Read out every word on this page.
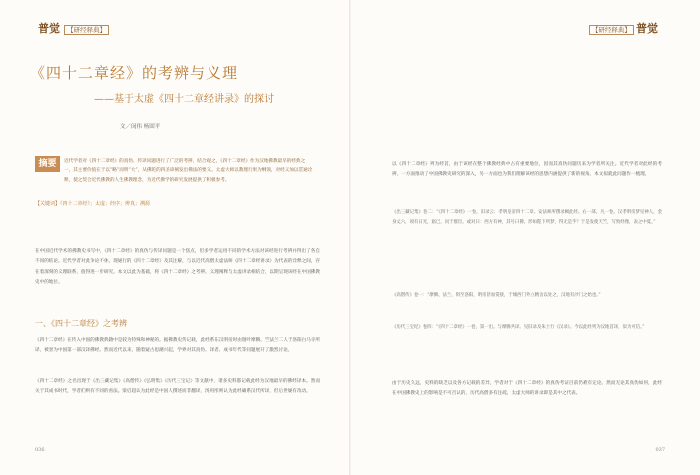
普觉 【研经释典】
《四十二章经》的考辨与义理
——基于太虚《四十二章经讲录》的探讨
文／闵伟 杨固平
摘要	近代学者对《四十二章经》的真伪、传译问题进行了广泛的考辨，结合观之，《四十二章经》作为汉地佛教最早的经典之一，其主要价值在于以“略”而明“大”，从佛陀的四圣谛阐发出佛法的要义。太虚大师以教理行果为纲领，对经义加以贯通诠释，使之契合近代佛教的人生佛教理念，为近代佛学的研究发展提供了积极参考。
【关键词】《四十二章经》；太虚；经序；辨真；溯源
在中国近代学术的佛教史书写中，《四十二章经》的真伪与传译问题是一个焦点，但多学者运用不同的学术方法对该经进行考辨并得出了各自不同的结论。近代学者对此争论不休，现通行的《四十二章经》及其注解，与以近代高僧太虚法师《四十二章经讲录》为代表的诠释之间，存在着深刻的义理联系，值得进一步研究。本文以此为基础，将《四十二章经》之考辨、义理阐释与太虚讲录相结合，以期呈现该经在中国佛教史中的地位。
一、《四十二章经》之考辨
《四十二章经》在传入中国的佛教典籍中是较为特殊和神秘的。据佛教史传记载，此经系东汉明帝时由迦叶摩腾、竺法兰二人于洛阳白马寺所译，被誉为中国第一部汉译佛经。然而近代以来，随着疑古思潮兴起，学界对其真伪、译者、成书年代等问题展开了激烈讨论。
《四十二章经》之名出现于《出三藏记集》《高僧传》《弘明集》《历代三宝记》等文献中，诸多史料都记载此经为汉地最早的佛经译本。然而关于其成书时代，学者们则有不同的看法。梁启超认为此经是中国人撰述而非翻译，汤用彤则认为此经确系汉代所译，但后世屡有改动。
036
【研经释典】 普觉
以《四十二章经》列为经首，由于该经在整个佛教经典中占有重要地位，因而其真伪问题历来为学者所关注。近代学者对此经的考辨，一方面推动了中国佛教史研究的深入，另一方面也为我们理解该经的思想内涵提供了新的视角。本文拟就此问题作一梳理。
《出三藏记集》卷二：“《四十二章经》一卷。旧录云：孝明皇帝四十二章。安法师所撰录阙此经。右一部，凡一卷。汉孝明帝梦见神人，金身丈六，项有日光，寤已，问于群臣。或对曰：西方有神，其号曰佛，形如陛下所梦，得无是乎？于是发使天竺，写致经像，表之中夏。”
《高僧传》卷一：“摩腾、法兰，俱至洛阳，明帝甚加赏接，于城西门外立精舍以处之，汉地有沙门之始也。”
《历代三宝纪》卷四：“《四十二章经》一卷，第一出。与摩腾共译。见旧录及朱士行《汉录》。今以此经列为汉地首译，似为可信。”
由于历史久远，史料的缺乏以及各方记载的差异，学者对于《四十二章经》的真伪考证目前仍难有定论。然而无论其真伪如何，此经在中国佛教史上的影响是不可否认的，历代高僧多有注疏，太虚大师的讲录即是其中之代表。
037
